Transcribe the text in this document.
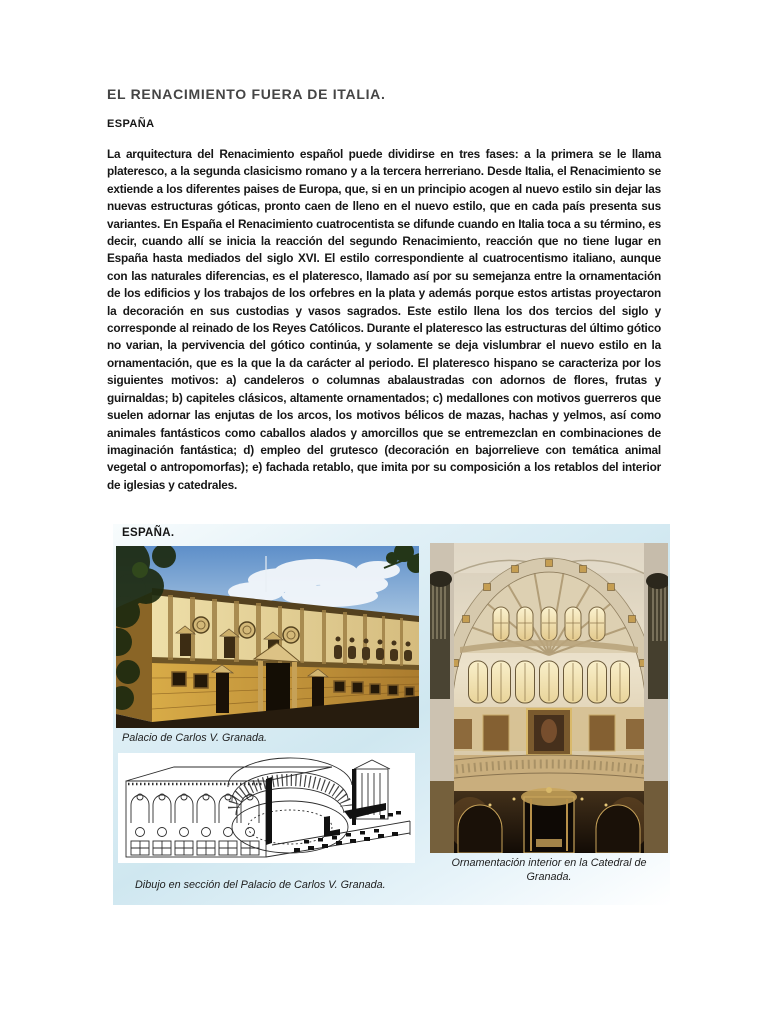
EL RENACIMIENTO FUERA DE ITALIA.
ESPAÑA

La arquitectura del Renacimiento español puede dividirse en tres fases: a la primera se le llama plateresco, a la segunda clasicismo romano y a la tercera herreriano. Desde Italia, el Renacimiento se extiende a los diferentes paises de Europa, que, si en un principio acogen al nuevo estilo sin dejar las nuevas estructuras góticas, pronto caen de lleno en el nuevo estilo, que en cada país presenta sus variantes. En España el Renacimiento cuatrocentista se difunde cuando en Italia toca a su término, es decir, cuando allí se inicia la reacción del segundo Renacimiento, reacción que no tiene lugar en España hasta mediados del siglo XVI. El estilo correspondiente al cuatrocentismo italiano, aunque con las naturales diferencias, es el plateresco, llamado así por su semejanza entre la ornamentación de los edificios y los trabajos de los orfebres en la plata y además porque estos artistas proyectaron la decoración en sus custodias y vasos sagrados. Este estilo llena los dos tercios del siglo y corresponde al reinado de los Reyes Católicos. Durante el plateresco las estructuras del último gótico no varian, la pervivencia del gótico continúa, y solamente se deja vislumbrar el nuevo estilo en la ornamentación, que es la que la da carácter al periodo. El plateresco hispano se caracteriza por los siguientes motivos: a) candeleros o columnas abalaustradas con adornos de flores, frutas y guirnaldas; b) capiteles clásicos, altamente ornamentados; c) medallones con motivos guerreros que suelen adornar las enjutas de los arcos, los motivos bélicos de mazas, hachas y yelmos, así como animales fantásticos como caballos alados y amorcillos que se entremezclan en combinaciones de imaginación fantástica; d) empleo del grutesco (decoración en bajorrelieve con temática animal vegetal o antropomorfas); e) fachada retablo, que imita por su composición a los retablos del interior de iglesias y catedrales.

ESPAÑA.

Palacio de Carlos V. Granada.

Dibujo en sección del Palacio de Carlos V. Granada.

Ornamentación interior en la Catedral de Granada.
